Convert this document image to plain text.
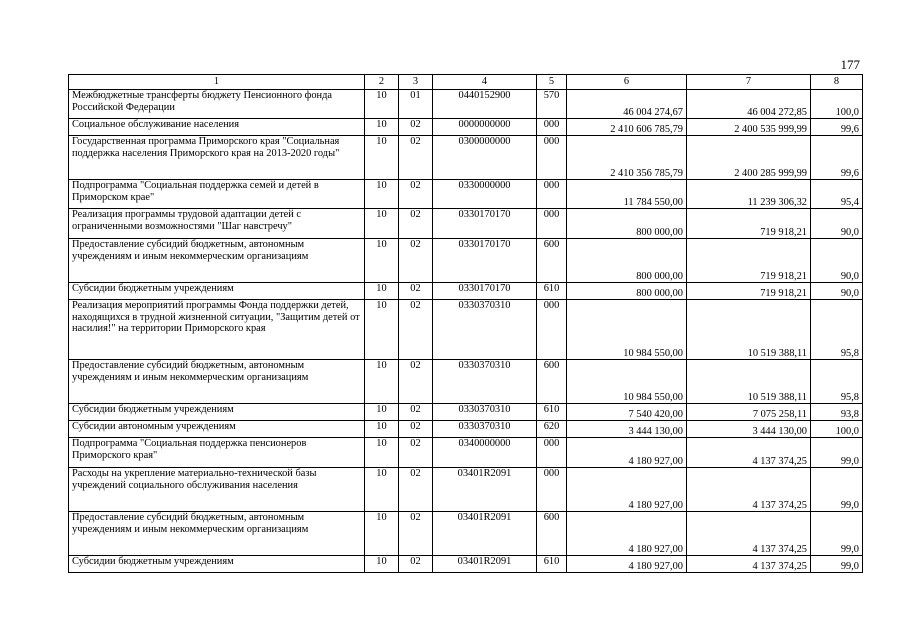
177
1	2	3	4	5	6	7	8
Межбюджетные трансферты бюджету Пенсионного фонда Российской Федерации	10	01	0440152900	570	46 004 274,67	46 004 272,85	100,0
Социальное обслуживание населения	10	02	0000000000	000	2 410 606 785,79	2 400 535 999,99	99,6
Государственная программа Приморского края "Социальная поддержка населения Приморского края на 2013-2020 годы"	10	02	0300000000	000	2 410 356 785,79	2 400 285 999,99	99,6
Подпрограмма "Социальная поддержка семей и детей в Приморском крае"	10	02	0330000000	000	11 784 550,00	11 239 306,32	95,4
Реализация программы трудовой адаптации детей с ограниченными возможностями "Шаг навстречу"	10	02	0330170170	000	800 000,00	719 918,21	90,0
Предоставление субсидий бюджетным, автономным учреждениям и иным некоммерческим организациям	10	02	0330170170	600	800 000,00	719 918,21	90,0
Субсидии бюджетным учреждениям	10	02	0330170170	610	800 000,00	719 918,21	90,0
Реализация мероприятий программы Фонда поддержки детей, находящихся в трудной жизненной ситуации, "Защитим детей от насилия!" на территории Приморского края	10	02	0330370310	000	10 984 550,00	10 519 388,11	95,8
Предоставление субсидий бюджетным, автономным учреждениям и иным некоммерческим организациям	10	02	0330370310	600	10 984 550,00	10 519 388,11	95,8
Субсидии бюджетным учреждениям	10	02	0330370310	610	7 540 420,00	7 075 258,11	93,8
Субсидии автономным учреждениям	10	02	0330370310	620	3 444 130,00	3 444 130,00	100,0
Подпрограмма "Социальная поддержка пенсионеров Приморского края"	10	02	0340000000	000	4 180 927,00	4 137 374,25	99,0
Расходы на укрепление материально-технической базы учреждений социального обслуживания населения	10	02	03401R2091	000	4 180 927,00	4 137 374,25	99,0
Предоставление субсидий бюджетным, автономным учреждениям и иным некоммерческим организациям	10	02	03401R2091	600	4 180 927,00	4 137 374,25	99,0
Субсидии бюджетным учреждениям	10	02	03401R2091	610	4 180 927,00	4 137 374,25	99,0
